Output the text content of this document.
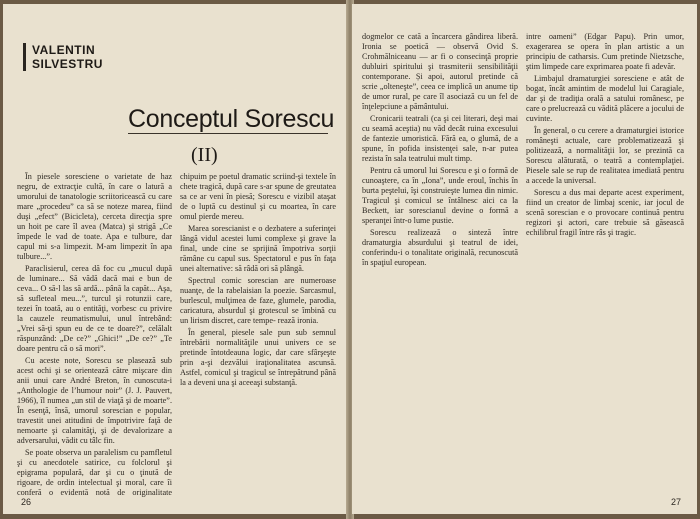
VALENTIN
SILVESTRU
Conceptul Sorescu
(II)

În piesele soresciene o varietate de haz negru, de extracţie cultă, în care o latură a umorului de tanatologie scriitoricească cu care mare „procedeu” ca să se noteze marea, fiind duşi „efect” (Bicicleta), cerceta direcţia spre un hoit pe care îl avea (Matca) şi strigă „Ce împede le vad de toate. Apa e tulbure, dar capul mi s-a limpezit. M-am limpezit în apa tulbure...”.

Paraclisierul, cerea dă foc cu „mucul după de luminare... Să vădă dacă mai e bun de ceva... O să-l las să ardă... până la capăt... Aşa, să sufleteal meu...”, turcul şi rotunzii care, tezei în toată, au o entităţi, vorbesc cu privire la cauzele reumatismului, unul întrebând: „Vrei să-ţi spun eu de ce te doare?”, celălalt răspunzând: „De ce?” „Ghici!” „De ce?” „Te doare pentru că o să mori”.

Cu aceste note, Sorescu se plasează sub acest ochi şi se orientează către mişcare din anii unui care André Breton, în cunoscuta-i „Anthologie de l’humour noir” (J. J. Pauvert, 1966), îl numea „un stil de viaţă şi de moarte”. În esenţă, însă, umorul sorescian e popular, travestit unei atitudini de împotrivire faţă de nemoarte şi calamităţi, şi de devalorizare a adversarului, vădit cu tâlc fin.

Se poate observa un paralelism cu pamfletul şi cu anecdotele satirice, cu folclorul şi epigrama populară, dar şi cu o ţinută de rigoare, de ordin intelectual şi moral, care îi conferă o evidentă notă de originalitate

chipuim pe poetul dramatic scriind-şi textele în chete tragică, după care s-ar spune de greutatea sa ce ar veni în piesă; Sorescu e vizibil ataşat de o luptă cu destinul şi cu moartea, în care omul pierde mereu.

Marea sorescianist e o dezbatere a suferinţei lângă vidul acestei lumi complexe şi grave la final, unde cine se sprijină împotriva sorţii rămâne cu capul sus. Spectatorul e pus în faţa unei alternative: să râdă ori să plângă.

Spectrul comic sorescian are numeroase nuanţe, de la rabelaisian la poezie. Sarcasmul, burlescul, mulţimea de faze, glumele, parodia, caricatura, absurdul şi grotescul se îmbină cu un lirism discret, care tempe- rează ironia.

În general, piesele sale pun sub semnul întrebării normalităţile unui univers ce se pretinde întotdeauna logic, dar care sfârşeşte prin a-şi dezvălui iraţionalitatea ascunsă. Astfel, comicul şi tragicul se întrepătrund până la a deveni una şi aceeaşi substanţă.

26

dogmelor ce cată a încarcera gândirea liberă. Ironia se poetică — observă Ovid S. Crohmălniceanu — ar fi o consecinţă proprie dubluiri spiritului şi trasmiterii sensibilităţii contemporane. Și apoi, autorul pretinde că scrie „olteneşte”, ceea ce implică un anume tip de umor rural, pe care îl asociază cu un fel de înţelepciune a pământului.

Cronicarii teatrali (ca şi cei literari, deşi mai cu seamă aceştia) nu văd decât ruina excesului de fantezie umoristică. Fără ea, o glumă, de a spune, în pofida insistenţei sale, n-ar putea rezista în sala teatrului mult timp.

Pentru că umorul lui Sorescu e şi o formă de cunoaştere, ca în „Iona”, unde eroul, închis în burta peştelui, îşi construieşte lumea din nimic. Tragicul şi comicul se întâlnesc aici ca la Beckett, iar sorescianul devine o formă a speranţei într-o lume pustie.

Sorescu realizează o sinteză între dramaturgia absurdului şi teatrul de idei, conferindu-i o tonalitate originală, recunoscută în spaţiul european.

intre oameni” (Edgar Papu). Prin umor, exagerarea se opera în plan artistic a un principiu de catharsis. Cum pretinde Nietzsche, ştim limpede care exprimarea poate fi adevăr.

Limbajul dramaturgiei soresciene e atât de bogat, încât amintim de modelul lui Caragiale, dar şi de tradiţia orală a satului românesc, pe care o prelucrează cu vădită plăcere a jocului de cuvinte.

În general, o cu cerere a dramaturgiei istorice româneşti actuale, care problematizează şi politizează, a normalităţii lor, se prezintă ca Sorescu alăturată, o teatră a contemplaţiei. Piesele sale se rup de realitatea imediată pentru a accede la universal.

Sorescu a dus mai departe acest experiment, fiind un creator de limbaj scenic, iar jocul de scenă sorescian e o provocare continuă pentru regizori şi actori, care trebuie să găsească echilibrul fragil între râs şi tragic.

27
